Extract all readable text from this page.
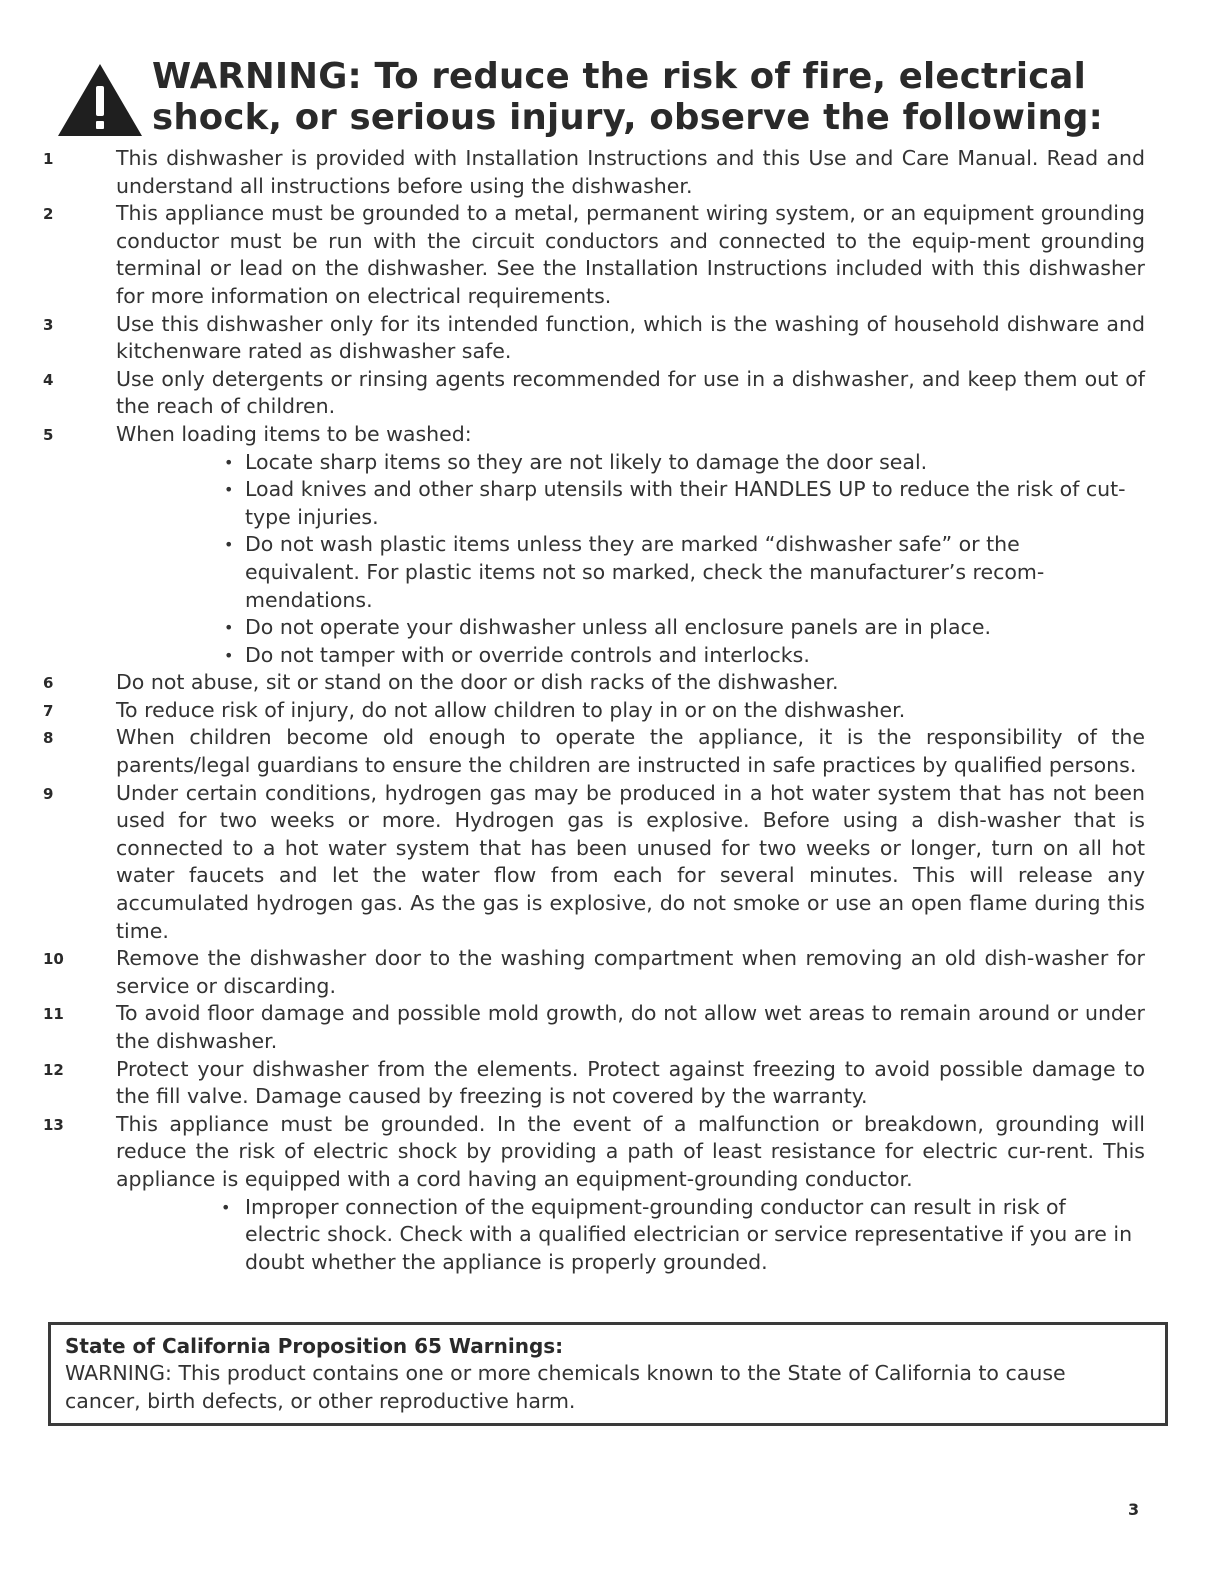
WARNING: To reduce the risk of fire, electrical
shock, or serious injury, observe the following:
1	This dishwasher is provided with Installation Instructions and this Use and Care Manual. Read and understand all instructions before using the dishwasher.
2	This appliance must be grounded to a metal, permanent wiring system, or an equipment grounding conductor must be run with the circuit conductors and connected to the equip-ment grounding terminal or lead on the dishwasher. See the Installation Instructions included with this dishwasher for more information on electrical requirements.
3	Use this dishwasher only for its intended function, which is the washing of household dishware and kitchenware rated as dishwasher safe.
4	Use only detergents or rinsing agents recommended for use in a dishwasher, and keep them out of the reach of children.
5	When loading items to be washed:
• Locate sharp items so they are not likely to damage the door seal.
• Load knives and other sharp utensils with their HANDLES UP to reduce the risk of cut-type injuries.
• Do not wash plastic items unless they are marked “dishwasher safe” or the equivalent. For plastic items not so marked, check the manufacturer’s recom-mendations.
• Do not operate your dishwasher unless all enclosure panels are in place.
• Do not tamper with or override controls and interlocks.
6	Do not abuse, sit or stand on the door or dish racks of the dishwasher.
7	To reduce risk of injury, do not allow children to play in or on the dishwasher.
8	When children become old enough to operate the appliance, it is the responsibility of the parents/legal guardians to ensure the children are instructed in safe practices by qualified persons.
9	Under certain conditions, hydrogen gas may be produced in a hot water system that has not been used for two weeks or more. Hydrogen gas is explosive. Before using a dish-washer that is connected to a hot water system that has been unused for two weeks or longer, turn on all hot water faucets and let the water flow from each for several minutes. This will release any accumulated hydrogen gas. As the gas is explosive, do not smoke or use an open flame during this time.
10	Remove the dishwasher door to the washing compartment when removing an old dish-washer for service or discarding.
11	To avoid floor damage and possible mold growth, do not allow wet areas to remain around or under the dishwasher.
12	Protect your dishwasher from the elements. Protect against freezing to avoid possible damage to the fill valve. Damage caused by freezing is not covered by the warranty.
13	This appliance must be grounded. In the event of a malfunction or breakdown, grounding will reduce the risk of electric shock by providing a path of least resistance for electric cur-rent. This appliance is equipped with a cord having an equipment-grounding conductor.
• Improper connection of the equipment-grounding conductor can result in risk of electric shock. Check with a qualified electrician or service representative if you are in doubt whether the appliance is properly grounded.
State of California Proposition 65 Warnings:
WARNING: This product contains one or more chemicals known to the State of California to cause cancer, birth defects, or other reproductive harm.
3
